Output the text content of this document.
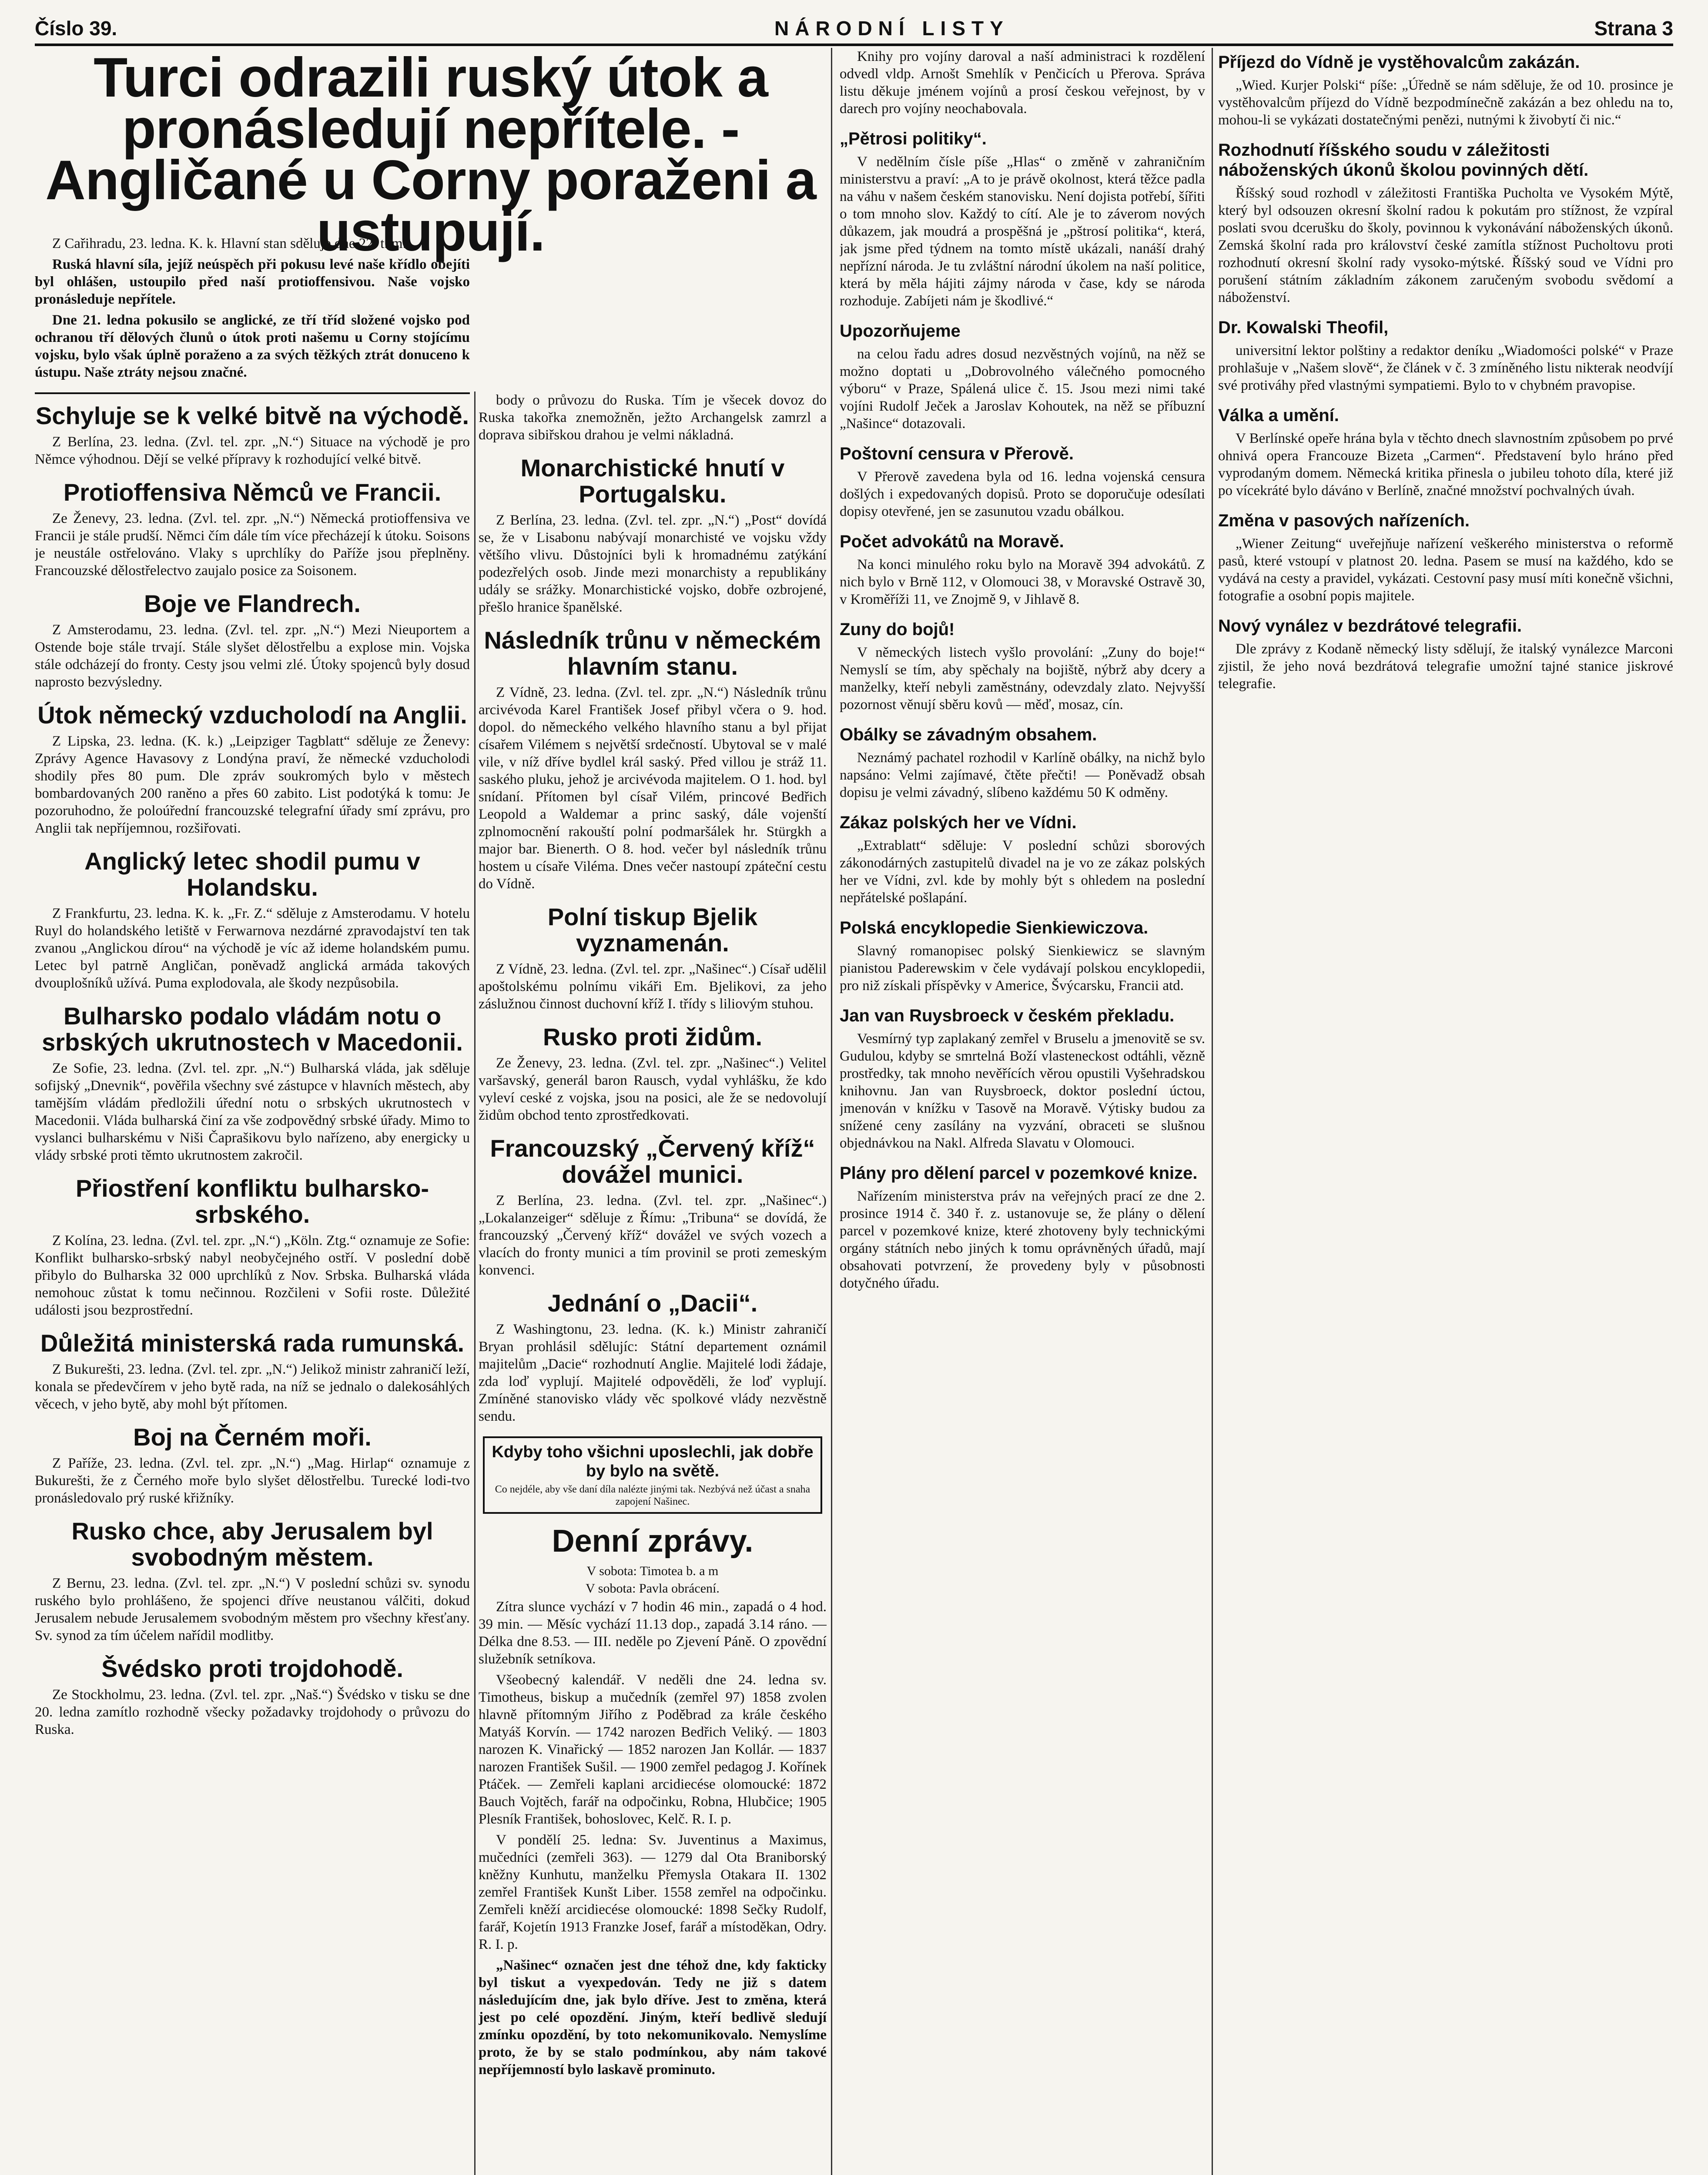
Číslo 39.	NÁRODNÍ LISTY	Strana 3
Turci odrazili ruský útok a pronásledují nepřítele. - Angličané u Corny poraženi a ustupují.
Z Cařihradu, 23. ledna. K. k. Hlavní stan sděluje dne 22. t. m.:
Ruská hlavní síla, jejíž neúspěch při pokusu levé naše křídlo obejíti byl ohlášen, ustoupilo před naší protioffensivou. Naše vojsko pronásleduje nepřítele.
Dne 21. ledna pokusilo se anglické, ze tří tříd složené vojsko pod ochranou tří dělových člunů o útok proti našemu u Corny stojícímu vojsku, bylo však úplně poraženo a za svých těžkých ztrát donuceno k ústupu. Naše ztráty nejsou značné.
Schyluje se k velké bitvě na východě.
Z Berlína, 23. ledna. (Zvl. tel. zpr. „N.“) Situace na východě je pro Němce výhodnou. Dějí se velké přípravy k rozhodující velké bitvě.
Protioffensiva Němců ve Francii.
Ze Ženevy, 23. ledna. (Zvl. tel. zpr. „N.“) Německá protioffensiva ve Francii je stále prudší. Němci čím dále tím více přecházejí k útoku. Soisons je neustále ostřelováno. Vlaky s uprchlíky do Paříže jsou přeplněny. Francouzské dělostřelectvo zaujalo posice za Soisonem.
Boje ve Flandrech.
Z Amsterodamu, 23. ledna. (Zvl. tel. zpr. „N.“) Mezi Nieuportem a Ostende boje stále trvají. Stále slyšet dělostřelbu a explose min. Vojska stále odcházejí do fronty. Cesty jsou velmi zlé. Útoky spojenců byly dosud naprosto bezvýsledny.
Útok německý vzducholodí na Anglii.
Z Lipska, 23. ledna. (K. k.) „Leipziger Tagblatt“ sděluje ze Ženevy: Zprávy Agence Havasovy z Londýna praví, že německé vzducholodi shodily přes 80 pum. Dle zpráv soukromých bylo v městech bombardovaných 200 raněno a přes 60 zabito. List podotýká k tomu: Je pozoruhodno, že poloúřední francouzské telegrafní úřady smí zprávu, pro Anglii tak nepříjemnou, rozšiřovati.
Anglický letec shodil pumu v Holandsku.
Z Frankfurtu, 23. ledna. K. k. „Fr. Z.“ sděluje z Amsterodamu. V hotelu Ruyl do holandského letiště v Ferwarnova nezdárné zpravodajství ten tak zvanou „Anglickou dírou“ na východě je víc až ideme holandském pumu. Letec byl patrně Angličan, poněvadž anglická armáda takových dvouplošníků užívá. Puma explodovala, ale škody nezpůsobila.
Bulharsko podalo vládám notu o srbských ukrutnostech v Macedonii.
Ze Sofie, 23. ledna. (Zvl. tel. zpr. „N.“) Bulharská vláda, jak sděluje sofijský „Dnevnik“, pověřila všechny své zástupce v hlavních městech, aby tamějším vládám předložili úřední notu o srbských ukrutnostech v Macedonii. Vláda bulharská činí za vše zodpovědný srbské úřady. Mimo to vyslanci bulharskému v Niši Čaprašikovu bylo nařízeno, aby energicky u vlády srbské proti těmto ukrutnostem zakročil.
Přiostření konfliktu bulharsko-srbského.
Z Kolína, 23. ledna. (Zvl. tel. zpr. „N.“) „Köln. Ztg.“ oznamuje ze Sofie: Konflikt bulharsko-srbský nabyl neobyčejného ostří. V poslední době přibylo do Bulharska 32 000 uprchlíků z Nov. Srbska. Bulharská vláda nemohouc zůstat k tomu nečinnou. Rozčileni v Sofii roste. Důležité události jsou bezprostřední.
Důležitá ministerská rada rumunská.
Z Bukurešti, 23. ledna. (Zvl. tel. zpr. „N.“) Jelikož ministr zahraničí leží, konala se předevčírem v jeho bytě rada, na níž se jednalo o dalekosáhlých věcech, v jeho bytě, aby mohl být přítomen.
Boj na Černém moři.
Z Paříže, 23. ledna. (Zvl. tel. zpr. „N.“) „Mag. Hirlap“ oznamuje z Bukurešti, že z Černého moře bylo slyšet dělostřelbu. Turecké lodi-tvo pronásledovalo prý ruské křižníky.
Rusko chce, aby Jerusalem byl svobodným městem.
Z Bernu, 23. ledna. (Zvl. tel. zpr. „N.“) V poslední schůzi sv. synodu ruského bylo prohlášeno, že spojenci dříve neustanou válčiti, dokud Jerusalem nebude Jerusalemem svobodným městem pro všechny křesťany. Sv. synod za tím účelem nařídil modlitby.
Švédsko proti trojdohodě.
Ze Stockholmu, 23. ledna. (Zvl. tel. zpr. „Naš.“) Švédsko v tisku se dne 20. ledna zamítlo rozhodně všecky požadavky trojdohody o průvozu do Ruska.
body o průvozu do Ruska. Tím je všecek dovoz do Ruska takořka znemožněn, ježto Archangelsk zamrzl a doprava sibiřskou drahou je velmi nákladná.
Monarchistické hnutí v Portugalsku.
Z Berlína, 23. ledna. (Zvl. tel. zpr. „N.“) „Post“ dovídá se, že v Lisabonu nabývají monarchisté ve vojsku vždy většího vlivu. Důstojníci byli k hromadnému zatýkání podezřelých osob. Jinde mezi monarchisty a republikány udály se srážky. Monarchistické vojsko, dobře ozbrojené, přešlo hranice španělské.
Následník trůnu v německém hlavním stanu.
Z Vídně, 23. ledna. (Zvl. tel. zpr. „N.“) Následník trůnu arcivévoda Karel František Josef přibyl včera o 9. hod. dopol. do německého velkého hlavního stanu a byl přijat císařem Vilémem s největší srdečností. Ubytoval se v malé vile, v níž dříve bydlel král saský. Před villou je stráž 11. saského pluku, jehož je arcivévoda majitelem. O 1. hod. byl snídaní. Přítomen byl císař Vilém, princové Bedřich Leopold a Waldemar a princ saský, dále vojenští zplnomocnění rakouští polní podmaršálek hr. Stürgkh a major bar. Bienerth. O 8. hod. večer byl následník trůnu hostem u císaře Viléma. Dnes večer nastoupí zpáteční cestu do Vídně.
Polní tiskup Bjelik vyznamenán.
Z Vídně, 23. ledna. (Zvl. tel. zpr. „Našinec“.) Císař udělil apoštolskému polnímu vikáři Em. Bjelikovi, za jeho záslužnou činnost duchovní kříž I. třídy s liliovým stuhou.
Rusko proti židům.
Ze Ženevy, 23. ledna. (Zvl. tel. zpr. „Našinec“.) Velitel varšavský, generál baron Rausch, vydal vyhlášku, že kdo vyleví ceské z vojska, jsou na posici, ale že se nedovolují židům obchod tento zprostředkovati.
Francouzský „Červený kříž“ dovážel munici.
Z Berlína, 23. ledna. (Zvl. tel. zpr. „Našinec“.) „Lokalanzeiger“ sděluje z Římu: „Tribuna“ se dovídá, že francouzský „Červený kříž“ dovážel ve svých vozech a vlacích do fronty munici a tím provinil se proti zemeským konvenci.
Jednání o „Dacii“.
Z Washingtonu, 23. ledna. (K. k.) Ministr zahraničí Bryan prohlásil sdělujíc: Státní departement oznámil majitelům „Dacie“ rozhodnutí Anglie. Majitelé lodi žádaje, zda loď vyplují. Majitelé odpověděli, že loď vyplují. Zmíněné stanovisko vlády věc spolkové vlády nezvěstně sendu.
Kdyby toho všichni uposlechli, jak dobře by bylo na světě.
Co nejdéle, aby vše daní díla nalézte jinými tak. Nezbývá než účast a snaha zapojení Našinec.
Denní zprávy.
V sobota: Timotea b. a m
V sobota: Pavla obrácení.
Zítra slunce vychází v 7 hodin 46 min., zapadá o 4 hod. 39 min. — Měsíc vychází 11.13 dop., zapadá 3.14 ráno. — Délka dne 8.53. — III. neděle po Zjevení Páně. O zpovědní služebník setníkova.
Všeobecný kalendář. V neděli dne 24. ledna sv. Timotheus, biskup a mučedník (zemřel 97) 1858 zvolen hlavně přítomným Jiřího z Poděbrad za krále českého Matyáš Korvín. — 1742 narozen Bedřich Veliký. — 1803 narozen K. Vinařický — 1852 narozen Jan Kollár. — 1837 narozen František Sušil. — 1900 zemřel pedagog J. Kořínek Ptáček. — Zemřeli kaplani arcidiecése olomoucké: 1872 Bauch Vojtěch, farář na odpočinku, Robna, Hlubčice; 1905 Plesník František, bohoslovec, Kelč. R. I. p.
V pondělí 25. ledna: Sv. Juventinus a Maximus, mučedníci (zemřeli 363). — 1279 dal Ota Braniborský kněžny Kunhutu, manželku Přemysla Otakara II. 1302 zemřel František Kunšt Liber. 1558 zemřel na odpočinku. Zemřeli kněží arcidiecése olomoucké: 1898 Sečky Rudolf, farář, Kojetín 1913 Franzke Josef, farář a místoděkan, Odry. R. I. p.
„Našinec“ označen jest dne téhož dne, kdy fakticky byl tiskut a vyexpedován. Tedy ne již s datem následujícím dne, jak bylo dříve. Jest to změna, která jest po celé opozdění. Jiným, kteří bedlivě sledují zmínku opozdění, by toto nekomunikovalo. Nemyslíme proto, že by se stalo podmínkou, aby nám takové nepříjemností bylo laskavě prominuto.
Knihy pro vojíny daroval a naší administraci k rozdělení odvedl vldp. Arnošt Smehlík v Penčicích u Přerova. Správa listu děkuje jménem vojínů a prosí českou veřejnost, by v darech pro vojíny neochabovala.
„Pětrosi politiky“.
V nedělním čísle píše „Hlas“ o změně v zahraničním ministerstvu a praví: „A to je právě okolnost, která těžce padla na váhu v našem českém stanovisku. Není dojista potřebí, šířiti o tom mnoho slov. Každý to cítí. Ale je to záverom nových důkazem, jak moudrá a prospěšná je „pštrosí politika“, která, jak jsme před týdnem na tomto místě ukázali, nanáší drahý nepřízní národa. Je tu zvláštní národní úkolem na naší politice, která by měla hájiti zájmy národa v čase, kdy se národa rozhoduje. Zabíjeti nám je škodlivé.“
Upozorňujeme
na celou řadu adres dosud nezvěstných vojínů, na něž se možno doptati u „Dobrovolného válečného pomocného výboru“ v Praze, Spálená ulice č. 15. Jsou mezi nimi také vojíni Rudolf Ječek a Jaroslav Kohoutek, na něž se příbuzní „Našince“ dotazovali.
Poštovní censura v Přerově.
V Přerově zavedena byla od 16. ledna vojenská censura došlých i expedovaných dopisů. Proto se doporučuje odesílati dopisy otevřené, jen se zasunutou vzadu obálkou.
Počet advokátů na Moravě.
Na konci minulého roku bylo na Moravě 394 advokátů. Z nich bylo v Brně 112, v Olomouci 38, v Moravské Ostravě 30, v Kroměříži 11, ve Znojmě 9, v Jihlavě 8.
Zuny do bojů!
V německých listech vyšlo provolání: „Zuny do boje!“ Nemyslí se tím, aby spěchaly na bojiště, nýbrž aby dcery a manželky, kteří nebyli zaměstnány, odevzdaly zlato. Nejvyšší pozornost věnují sběru kovů — měď, mosaz, cín.
Obálky se závadným obsahem.
Neznámý pachatel rozhodil v Karlíně obálky, na nichž bylo napsáno: Velmi zajímavé, čtěte přečti! — Poněvadž obsah dopisu je velmi závadný, slíbeno každému 50 K odměny.
Zákaz polských her ve Vídni.
„Extrablatt“ sděluje: V poslední schůzi sborových zákonodárných zastupitelů divadel na je vo ze zákaz polských her ve Vídni, zvl. kde by mohly být s ohledem na poslední nepřátelské pošlapání.
Polská encyklopedie Sienkiewiczova.
Slavný romanopisec polský Sienkiewicz se slavným pianistou Paderewskim v čele vydávají polskou encyklopedii, pro niž získali příspěvky v Americe, Švýcarsku, Francii atd.
Jan van Ruysbroeck v českém překladu.
Vesmírný typ zaplakaný zemřel v Bruselu a jmenovitě se sv. Gudulou, kdyby se smrtelná Boží vlasteneckost odtáhli, vězně prostředky, tak mnoho nevěřících věrou opustili Vyšehradskou knihovnu. Jan van Ruysbroeck, doktor poslední úctou, jmenován v knížku v Tasově na Moravě. Výtisky budou za snížené ceny zasílány na vyzvání, obraceti se slušnou objednávkou na Nakl. Alfreda Slavatu v Olomouci.
Plány pro dělení parcel v pozemkové knize.
Nařízením ministerstva práv na veřejných prací ze dne 2. prosince 1914 č. 340 ř. z. ustanovuje se, že plány o dělení parcel v pozemkové knize, které zhotoveny byly technickými orgány státních nebo jiných k tomu oprávněných úřadů, mají obsahovati potvrzení, že provedeny byly v působnosti dotyčného úřadu.
Příjezd do Vídně je vystěhovalcům zakázán.
„Wied. Kurjer Polski“ píše: „Úředně se nám sděluje, že od 10. prosince je vystěhovalcům příjezd do Vídně bezpodmínečně zakázán a bez ohledu na to, mohou-li se vykázati dostatečnými penězi, nutnými k živobytí či nic.“
Rozhodnutí říšského soudu v záležitosti náboženských úkonů školou povinných dětí.
Říšský soud rozhodl v záležitosti Františka Pucholta ve Vysokém Mýtě, který byl odsouzen okresní školní radou k pokutám pro stížnost, že vzpíral poslati svou dcerušku do školy, povinnou k vykonávání náboženských úkonů. Zemská školní rada pro království české zamítla stížnost Pucholtovu proti rozhodnutí okresní školní rady vysoko-mýtské. Říšský soud ve Vídni pro porušení státním základním zákonem zaručeným svobodu svědomí a náboženství.
Dr. Kowalski Theofil,
universitní lektor polštiny a redaktor deníku „Wiadomości polské“ v Praze prohlašuje v „Našem slově“, že článek v č. 3 zmíněného listu nikterak neodvíjí své protiváhy před vlastnými sympatiemi. Bylo to v chybném pravopise.
Válka a umění.
V Berlínské opeře hrána byla v těchto dnech slavnostním způsobem po prvé ohnivá opera Francouze Bizeta „Carmen“. Představení bylo hráno před vyprodaným domem. Německá kritika přinesla o jubileu tohoto díla, které již po vícekráté bylo dáváno v Berlíně, značné množství pochvalných úvah.
Změna v pasových nařízeních.
„Wiener Zeitung“ uveřejňuje nařízení veškerého ministerstva o reformě pasů, které vstoupí v platnost 20. ledna. Pasem se musí na každého, kdo se vydává na cesty a pravidel, vykázati. Cestovní pasy musí míti konečně všichni, fotografie a osobní popis majitele.
Nový vynález v bezdrátové telegrafii.
Dle zprávy z Kodaně německý listy sdělují, že italský vynálezce Marconi zjistil, že jeho nová bezdrátová telegrafie umožní tajné stanice jiskrové telegrafie.
